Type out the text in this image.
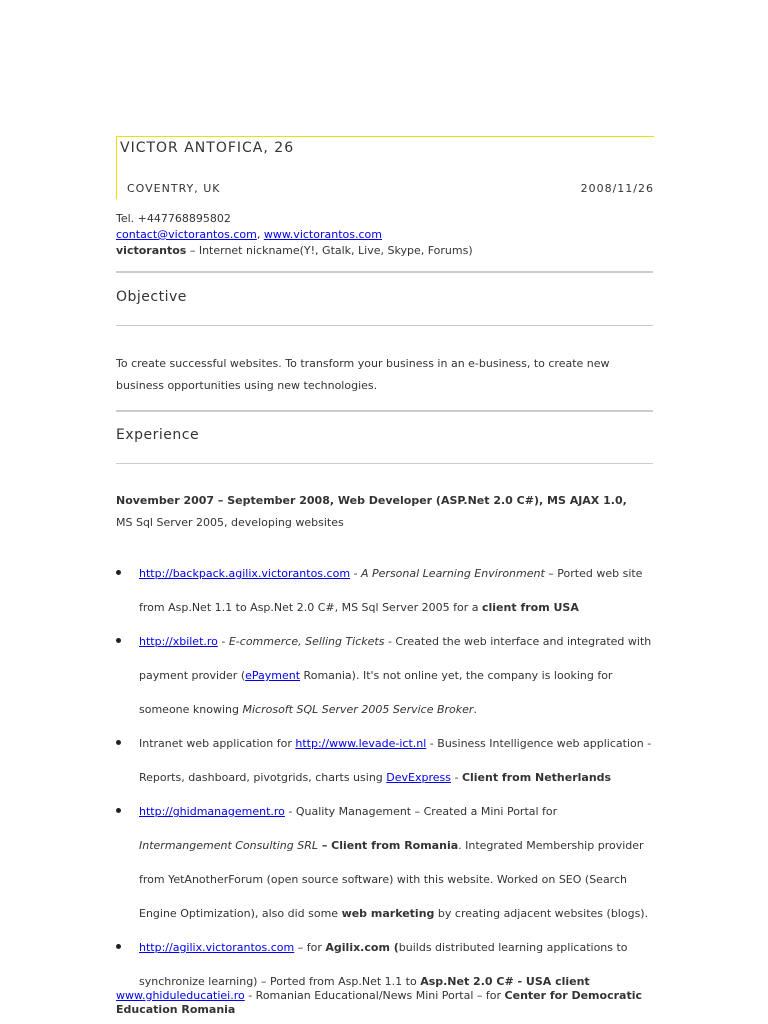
VICTOR ANTOFICA, 26
COVENTRY, UK	2008/11/26
Tel. +447768895802
contact@victorantos.com, www.victorantos.com
victorantos – Internet nickname(Y!, Gtalk, Live, Skype, Forums)
Objective
To create successful websites. To transform your business in an e-business, to create new
business opportunities using new technologies.
Experience
November 2007 – September 2008, Web Developer (ASP.Net 2.0 C#), MS AJAX 1.0,
MS Sql Server 2005, developing websites
http://backpack.agilix.victorantos.com - A Personal Learning Environment – Ported web site from Asp.Net 1.1 to Asp.Net 2.0 C#, MS Sql Server 2005 for a client from USA
http://xbilet.ro - E-commerce, Selling Tickets - Created the web interface and integrated with payment provider (ePayment Romania). It's not online yet, the company is looking for someone knowing Microsoft SQL Server 2005 Service Broker.
Intranet web application for http://www.levade-ict.nl - Business Intelligence web application - Reports, dashboard, pivotgrids, charts using DevExpress - Client from Netherlands
http://ghidmanagement.ro - Quality Management – Created a Mini Portal for Intermangement Consulting SRL – Client from Romania. Integrated Membership provider from YetAnotherForum (open source software) with this website. Worked on SEO (Search Engine Optimization), also did some web marketing by creating adjacent websites (blogs).
http://agilix.victorantos.com – for Agilix.com (builds distributed learning applications to synchronize learning) – Ported from Asp.Net 1.1 to Asp.Net 2.0 C# - USA client
www.ghiduleducatiei.ro - Romanian Educational/News Mini Portal – for Center for Democratic Education Romania
